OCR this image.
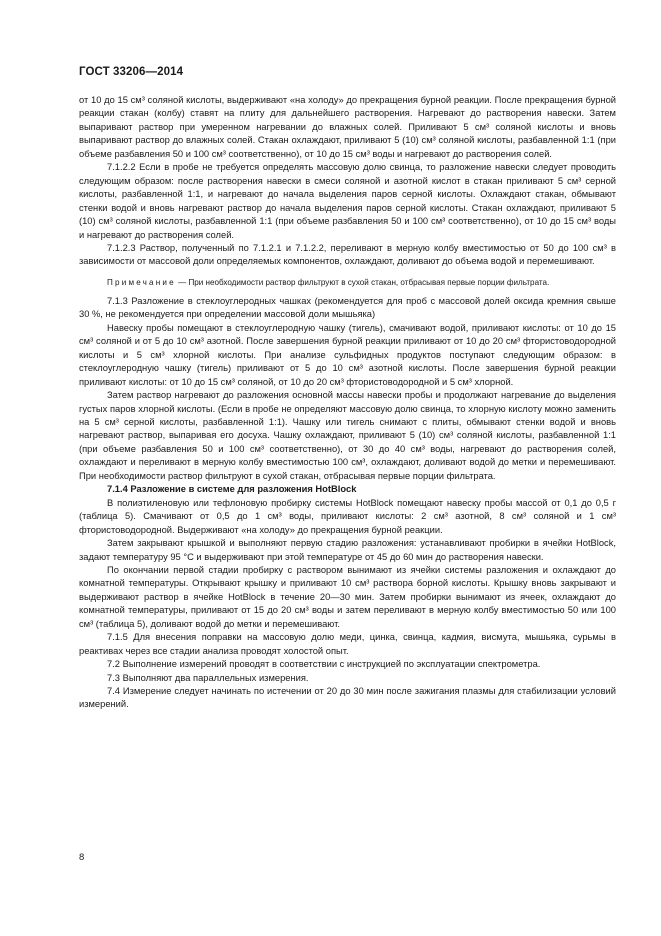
ГОСТ 33206—2014

от 10 до 15 см³ соляной кислоты, выдерживают «на холоду» до прекращения бурной реакции. После прекращения бурной реакции стакан (колбу) ставят на плиту для дальнейшего растворения. Нагревают до растворения навески. Затем выпаривают раствор при умеренном нагревании до влажных солей. Приливают 5 см³ соляной кислоты и вновь выпаривают раствор до влажных солей. Стакан охлаждают, приливают 5 (10) см³ соляной кислоты, разбавленной 1:1 (при объеме разбавления 50 и 100 см³ соответственно), от 10 до 15 см³ воды и нагревают до растворения солей.

7.1.2.2 Если в пробе не требуется определять массовую долю свинца, то разложение навески следует проводить следующим образом: после растворения навески в смеси соляной и азотной кислот в стакан приливают 5 см³ серной кислоты, разбавленной 1:1, и нагревают до начала выделения паров серной кислоты. Охлаждают стакан, обмывают стенки водой и вновь нагревают раствор до начала выделения паров серной кислоты. Стакан охлаждают, приливают 5 (10) см³ соляной кислоты, разбавленной 1:1 (при объеме разбавления 50 и 100 см³ соответственно), от 10 до 15 см³ воды и нагревают до растворения солей.

7.1.2.3 Раствор, полученный по 7.1.2.1 и 7.1.2.2, переливают в мерную колбу вместимостью от 50 до 100 см³ в зависимости от массовой доли определяемых компонентов, охлаждают, доливают до объема водой и перемешивают.

Примечание — При необходимости раствор фильтруют в сухой стакан, отбрасывая первые порции фильтрата.

7.1.3 Разложение в стеклоуглеродных чашках (рекомендуется для проб с массовой долей оксида кремния свыше 30 %, не рекомендуется при определении массовой доли мышьяка)

Навеску пробы помещают в стеклоуглеродную чашку (тигель), смачивают водой, приливают кислоты: от 10 до 15 см³ соляной и от 5 до 10 см³ азотной. После завершения бурной реакции приливают от 10 до 20 см³ фтористоводородной кислоты и 5 см³ хлорной кислоты. При анализе сульфидных продуктов поступают следующим образом: в стеклоуглеродную чашку (тигель) приливают от 5 до 10 см³ азотной кислоты. После завершения бурной реакции приливают кислоты: от 10 до 15 см³ соляной, от 10 до 20 см³ фтористоводородной и 5 см³ хлорной.

Затем раствор нагревают до разложения основной массы навески пробы и продолжают нагревание до выделения густых паров хлорной кислоты. (Если в пробе не определяют массовую долю свинца, то хлорную кислоту можно заменить на 5 см³ серной кислоты, разбавленной 1:1). Чашку или тигель снимают с плиты, обмывают стенки водой и вновь нагревают раствор, выпаривая его досуха. Чашку охлаждают, приливают 5 (10) см³ соляной кислоты, разбавленной 1:1 (при объеме разбавления 50 и 100 см³ соответственно), от 30 до 40 см³ воды, нагревают до растворения солей, охлаждают и переливают в мерную колбу вместимостью 100 см³, охлаждают, доливают водой до метки и перемешивают. При необходимости раствор фильтруют в сухой стакан, отбрасывая первые порции фильтрата.

7.1.4 Разложение в системе для разложения HotBlock

В полиэтиленовую или тефлоновую пробирку системы HotBlock помещают навеску пробы массой от 0,1 до 0,5 г (таблица 5). Смачивают от 0,5 до 1 см³ воды, приливают кислоты: 2 см³ азотной, 8 см³ соляной и 1 см³ фтористоводородной. Выдерживают «на холоду» до прекращения бурной реакции.

Затем закрывают крышкой и выполняют первую стадию разложения: устанавливают пробирки в ячейки HotBlock, задают температуру 95 °С и выдерживают при этой температуре от 45 до 60 мин до растворения навески.

По окончании первой стадии пробирку с раствором вынимают из ячейки системы разложения и охлаждают до комнатной температуры. Открывают крышку и приливают 10 см³ раствора борной кислоты. Крышку вновь закрывают и выдерживают раствор в ячейке HotBlock в течение 20—30 мин. Затем пробирки вынимают из ячеек, охлаждают до комнатной температуры, приливают от 15 до 20 см³ воды и затем переливают в мерную колбу вместимостью 50 или 100 см³ (таблица 5), доливают водой до метки и перемешивают.

7.1.5 Для внесения поправки на массовую долю меди, цинка, свинца, кадмия, висмута, мышьяка, сурьмы в реактивах через все стадии анализа проводят холостой опыт.

7.2 Выполнение измерений проводят в соответствии с инструкцией по эксплуатации спектрометра.

7.3 Выполняют два параллельных измерения.

7.4 Измерение следует начинать по истечении от 20 до 30 мин после зажигания плазмы для стабилизации условий измерений.

8
